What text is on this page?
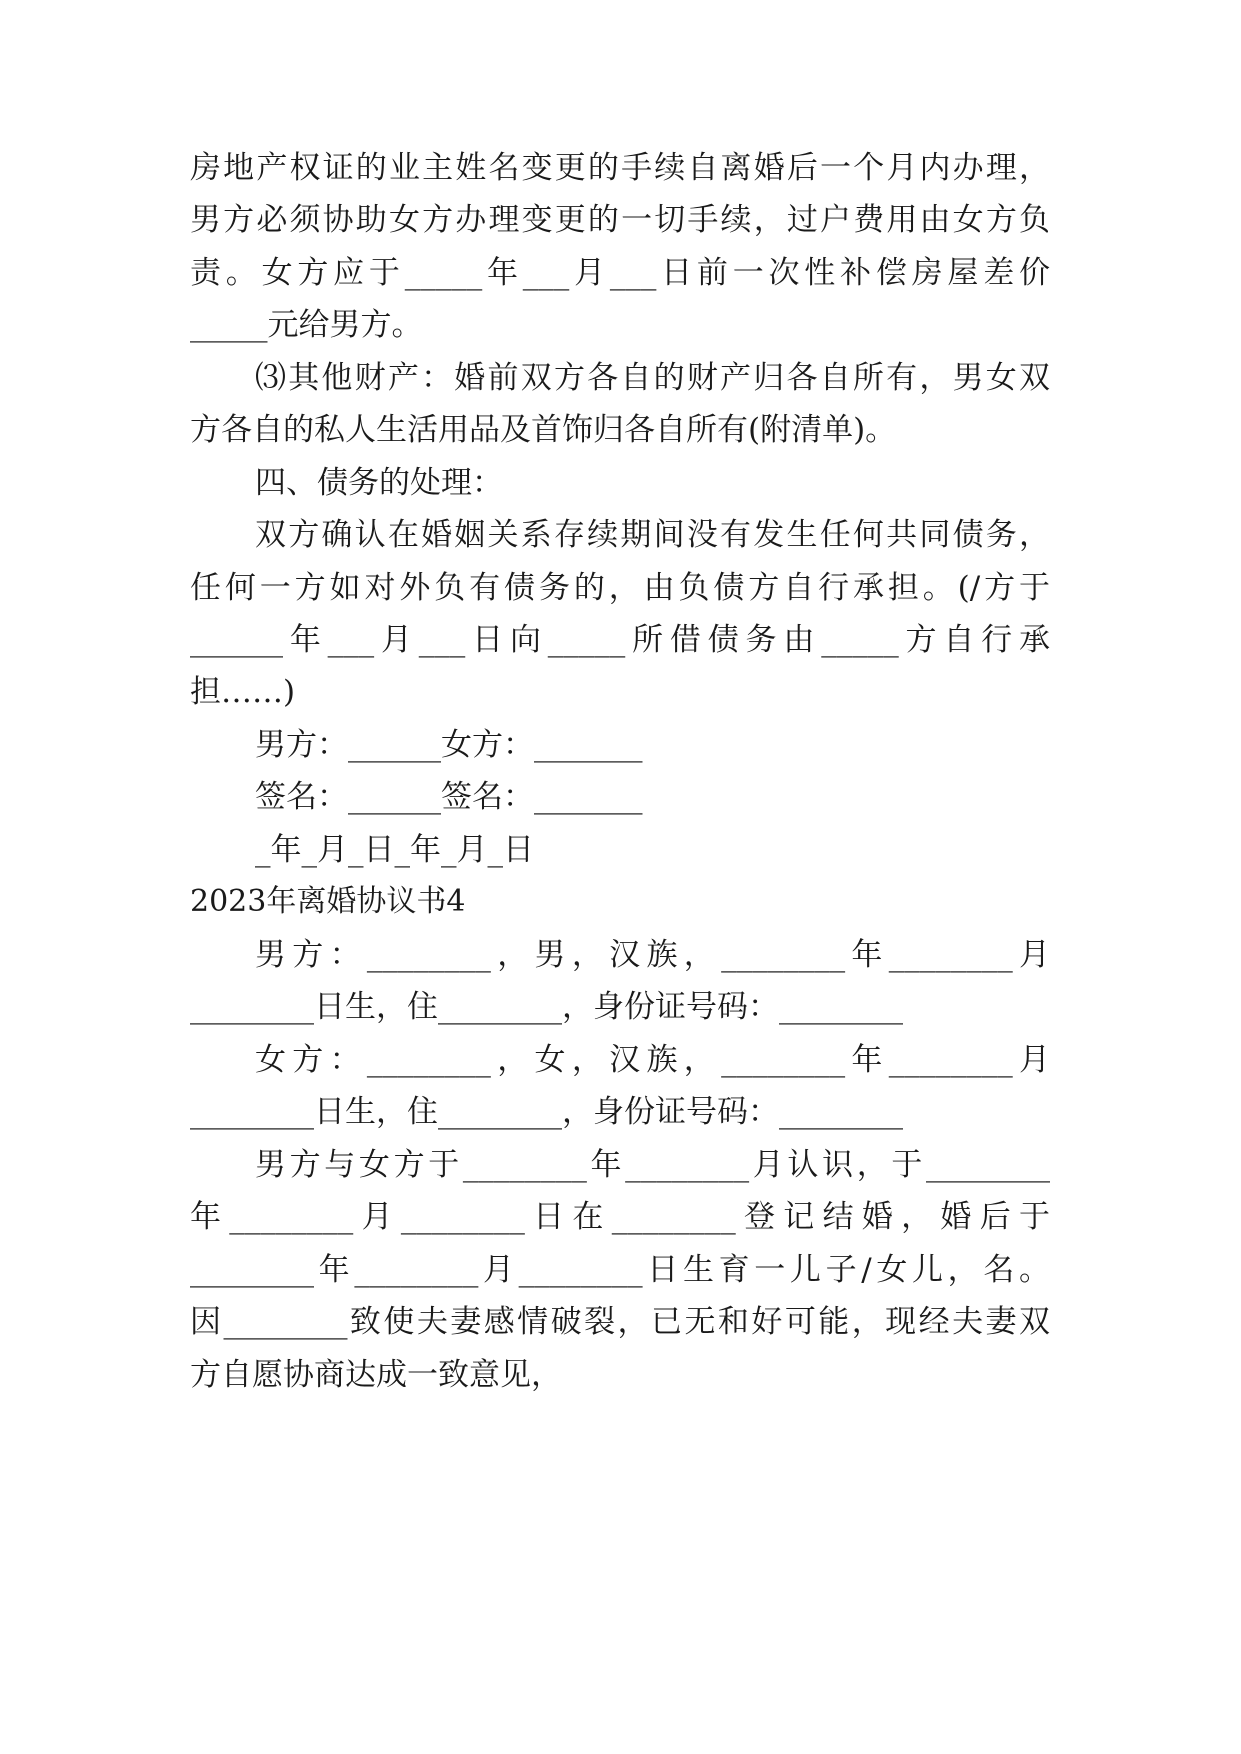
房地产权证的业主姓名变更的手续自离婚后一个月内办理，

男方必须协助女方办理变更的一切手续，过户费用由女方负

责。女方应于_____年___月___日前一次性补偿房屋差价

_____元给男方。

⑶其他财产：婚前双方各自的财产归各自所有，男女双

方各自的私人生活用品及首饰归各自所有(附清单)。

四、债务的处理：

双方确认在婚姻关系存续期间没有发生任何共同债务，

任何一方如对外负有债务的，由负债方自行承担。(/方于

______年___月___日向_____所借债务由_____方自行承

担……)

男方：______女方：_______

签名：______签名：_______

_年_月_日_年_月_日

2023年离婚协议书4

男方：________，男，汉族，________年________月

________日生，住________，身份证号码：________

女方：________，女，汉族，________年________月

________日生，住________，身份证号码：________

男方与女方于________年________月认识，于________

年________月________日在________登记结婚，婚后于

________年________月________日生育一儿子/女儿，名。

因________致使夫妻感情破裂，已无和好可能，现经夫妻双

方自愿协商达成一致意见，
